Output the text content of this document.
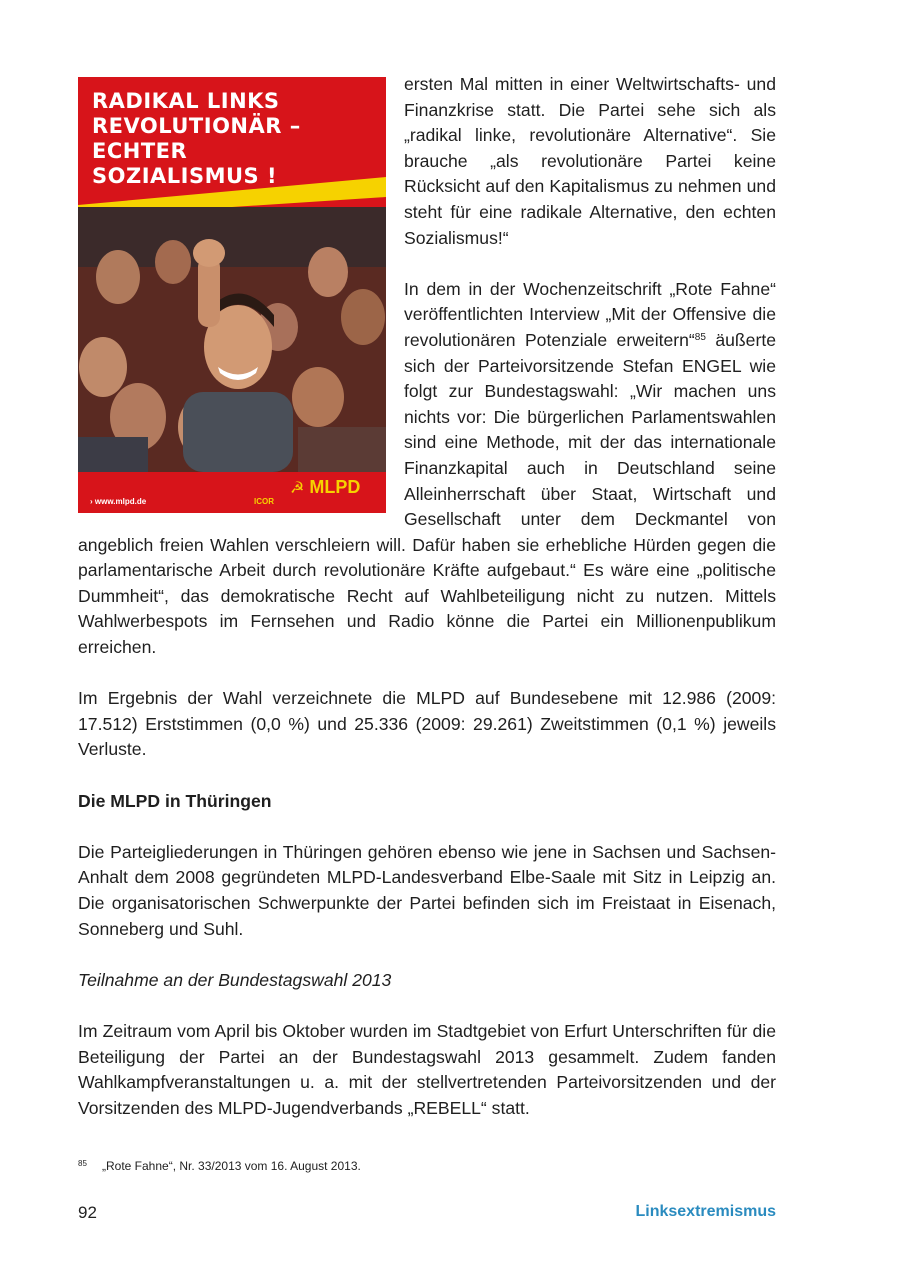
RADIKAL LINKS
REVOLUTIONÄR –
ECHTER
SOZIALISMUS !
› www.mlpd.de	ICOR
☭ MLPD

ersten Mal mitten in einer Weltwirtschafts- und Finanzkrise statt. Die Partei sehe sich als „radikal linke, revolutionäre Alternative“. Sie brauche „als revolutionäre Partei keine Rücksicht auf den Kapitalismus zu nehmen und steht für eine radikale Alternative, den echten Sozialismus!“

In dem in der Wochenzeitschrift „Rote Fahne“ veröffentlichten Interview „Mit der Offensive die revolutionären Potenziale erweitern“$^{85}$ äußerte sich der Parteivorsitzende Stefan ENGEL wie folgt zur Bundestagswahl: „Wir machen uns nichts vor: Die bürgerlichen Parlamentswahlen sind eine Methode, mit der das internationale Finanzkapital auch in Deutschland seine Alleinherrschaft über Staat, Wirtschaft und Gesellschaft unter dem Deckmantel von angeblich freien Wahlen verschleiern will. Dafür haben sie erhebliche Hürden gegen die parlamentarische Arbeit durch revolutionäre Kräfte aufgebaut.“ Es wäre eine „politische Dummheit“, das demokratische Recht auf Wahlbeteiligung nicht zu nutzen. Mittels Wahlwerbespots im Fernsehen und Radio könne die Partei ein Millionenpublikum erreichen.

Im Ergebnis der Wahl verzeichnete die MLPD auf Bundesebene mit 12.986 (2009: 17.512) Erststimmen (0,0 %) und 25.336 (2009: 29.261) Zweitstimmen (0,1 %) jeweils Verluste.

Die MLPD in Thüringen

Die Parteigliederungen in Thüringen gehören ebenso wie jene in Sachsen und Sachsen-Anhalt dem 2008 gegründeten MLPD-Landesverband Elbe-Saale mit Sitz in Leipzig an. Die organisatorischen Schwerpunkte der Partei befinden sich im Freistaat in Eisenach, Sonneberg und Suhl.

Teilnahme an der Bundestagswahl 2013

Im Zeitraum vom April bis Oktober wurden im Stadtgebiet von Erfurt Unterschriften für die Beteiligung der Partei an der Bundestagswahl 2013 gesammelt. Zudem fanden Wahlkampfveranstaltungen u. a. mit der stellvertretenden Parteivorsitzenden und der Vorsitzenden des MLPD-Jugendverbands „REBELL“ statt.

85 „Rote Fahne“, Nr. 33/2013 vom 16. August 2013.
92	Linksextremismus
